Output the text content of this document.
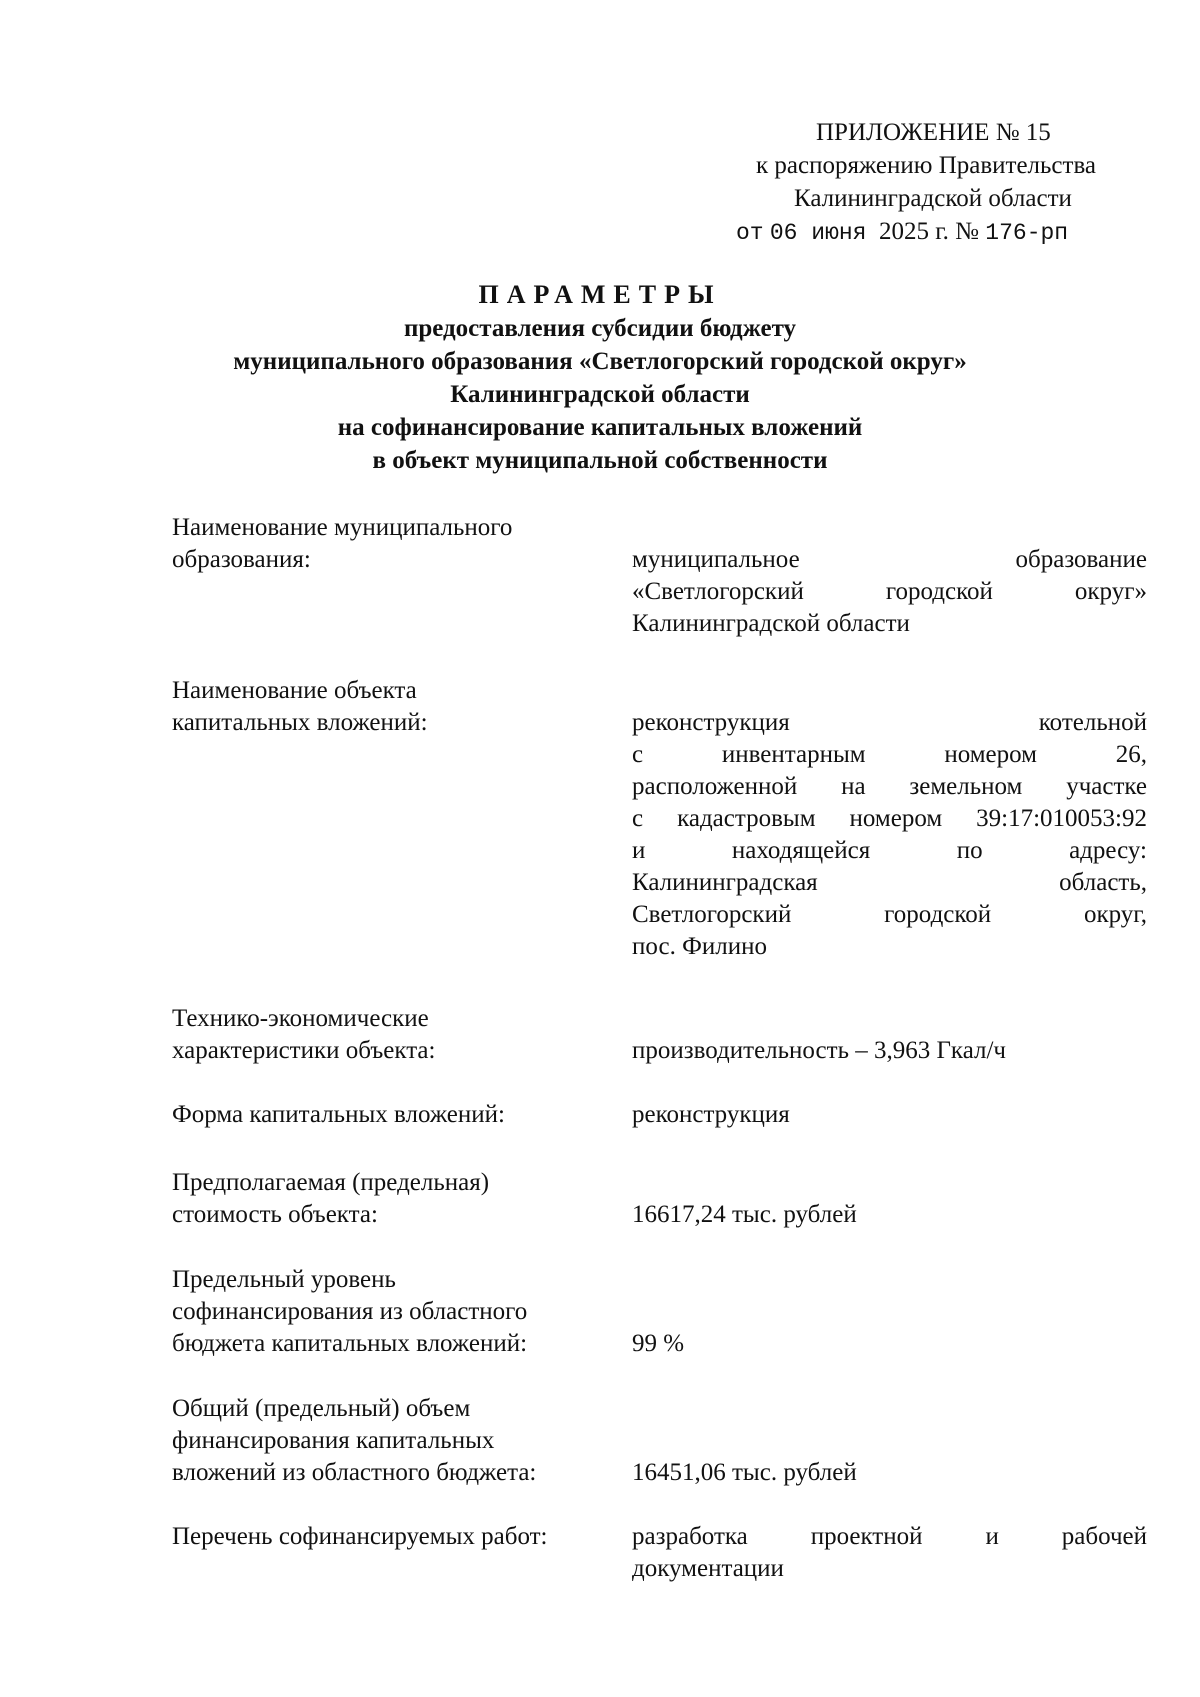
ПРИЛОЖЕНИЕ № 15
к распоряжению Правительства
Калининградской области
от 06 июня 2025 г. № 176-рп
ПАРАМЕТРЫ
предоставления субсидии бюджету
муниципального образования «Светлогорский городской округ»
Калининградской области
на софинансирование капитальных вложений
в объект муниципальной собственности
Наименование муниципального
образования:	муниципальное образование
«Светлогорский городской округ»
Калининградской области
Наименование объекта
капитальных вложений:	реконструкция котельной
с инвентарным номером 26,
расположенной на земельном участке
с кадастровым номером 39:17:010053:92
и находящейся по адресу:
Калининградская область,
Светлогорский городской округ,
пос. Филино
Технико-экономические
характеристики объекта:	производительность – 3,963 Гкал/ч
Форма капитальных вложений:	реконструкция
Предполагаемая (предельная)
стоимость объекта:	16617,24 тыс. рублей
Предельный уровень
софинансирования из областного
бюджета капитальных вложений:	99 %
Общий (предельный) объем
финансирования капитальных
вложений из областного бюджета:	16451,06 тыс. рублей
Перечень софинансируемых работ:	разработка проектной и рабочей
документации
